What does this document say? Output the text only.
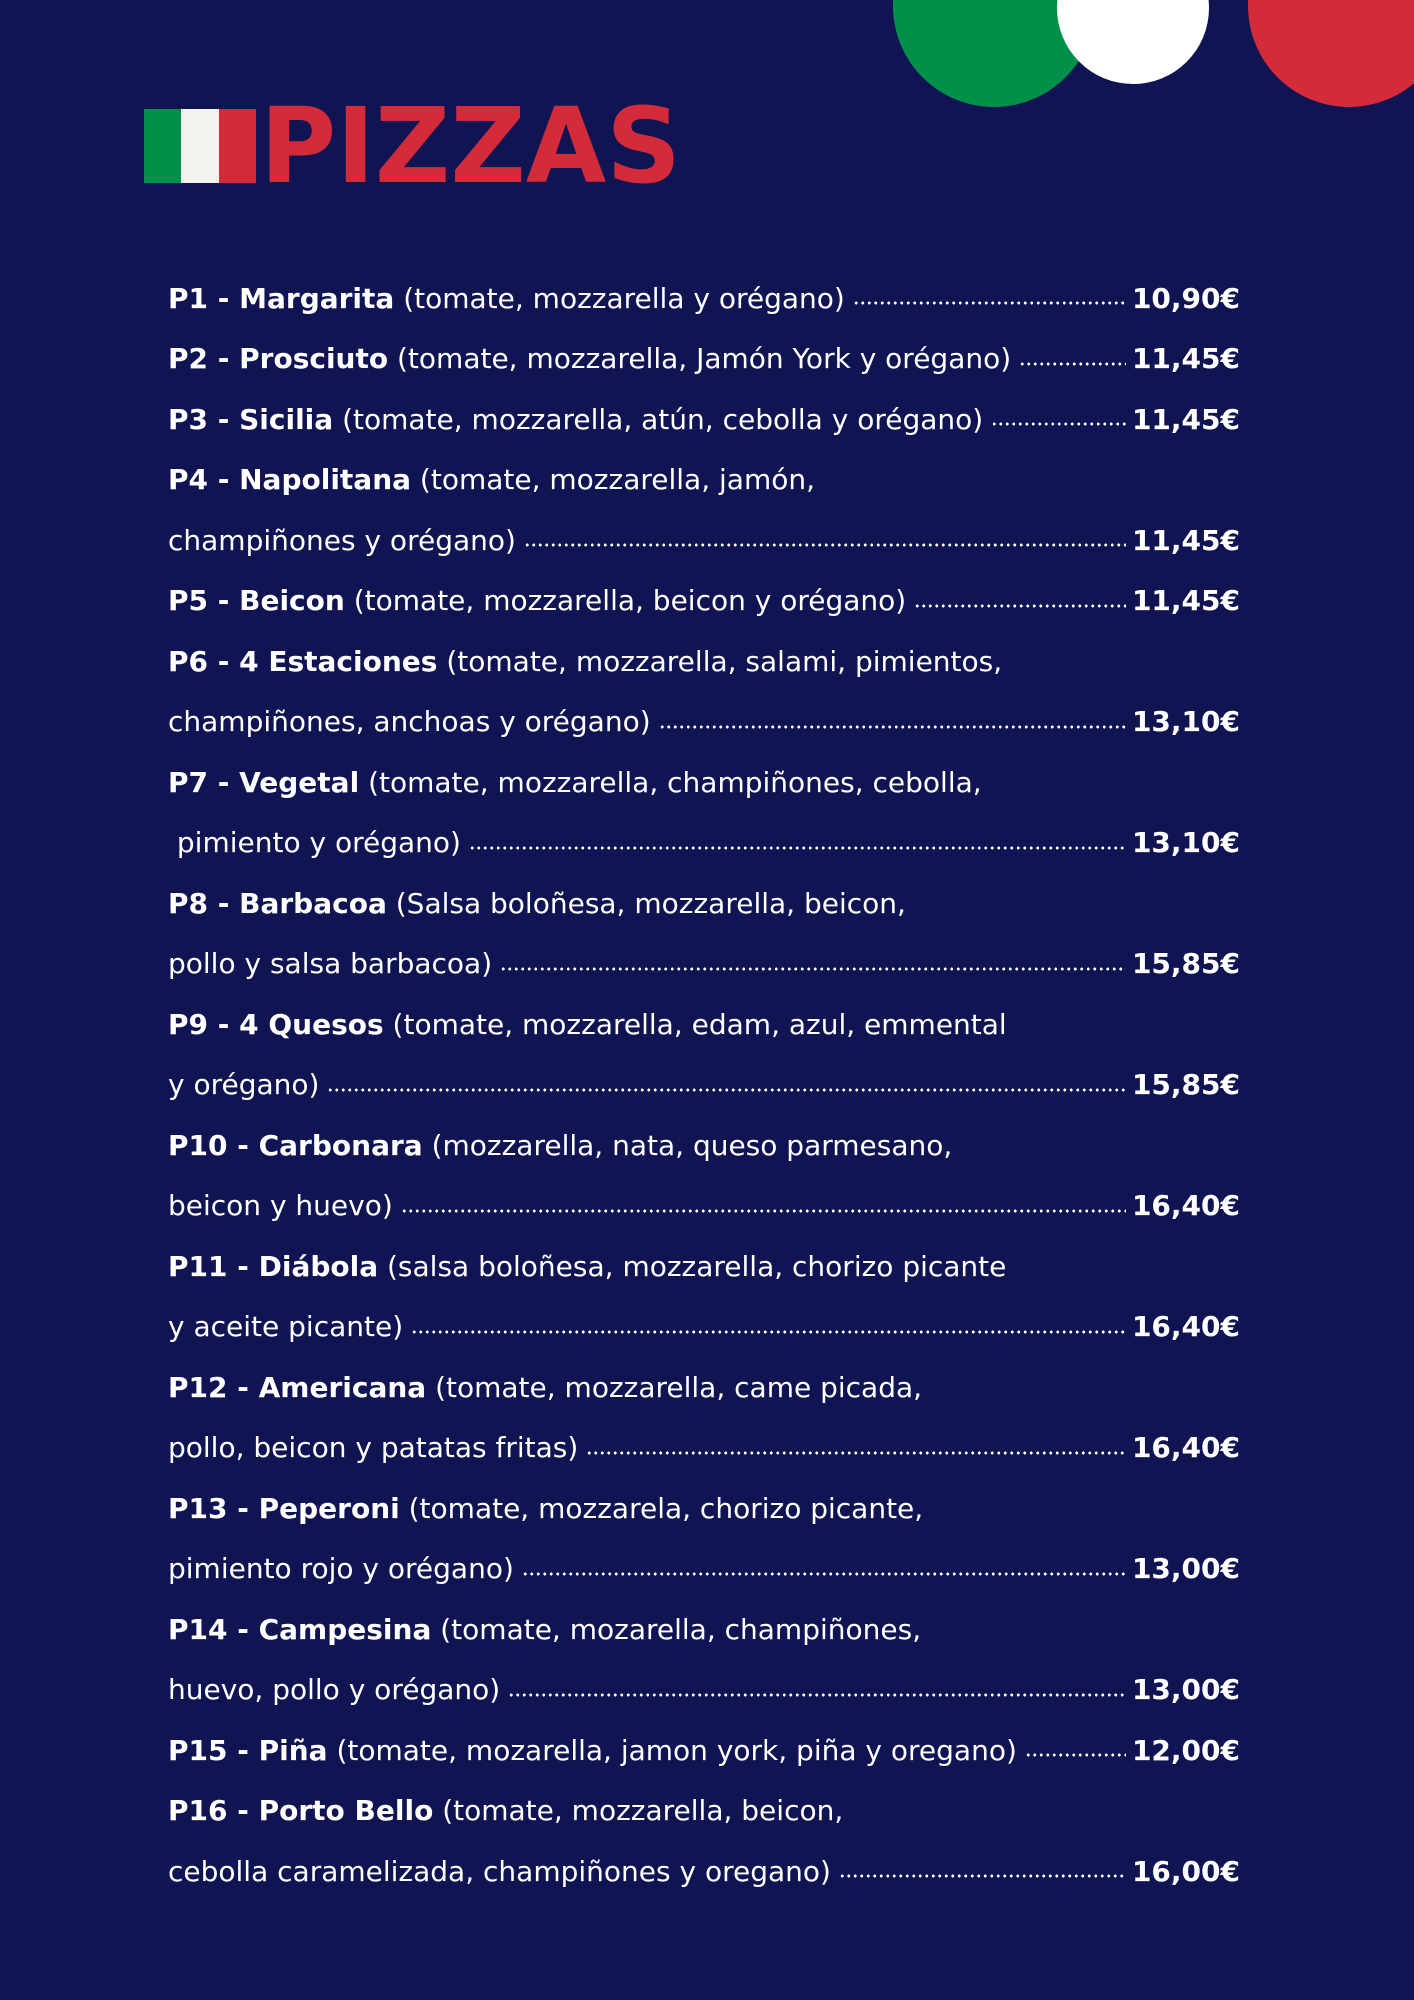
PIZZAS
P1 - Margarita (tomate, mozzarella y orégano)	10,90€
P2 - Prosciuto (tomate, mozzarella, Jamón York y orégano)	11,45€
P3 - Sicilia (tomate, mozzarella, atún, cebolla y orégano)	11,45€
P4 - Napolitana (tomate, mozzarella, jamón,
champiñones y orégano)	11,45€
P5 - Beicon (tomate, mozzarella, beicon y orégano)	11,45€
P6 - 4 Estaciones (tomate, mozzarella, salami, pimientos,
champiñones, anchoas y orégano)	13,10€
P7 - Vegetal (tomate, mozzarella, champiñones, cebolla,
pimiento y orégano)	13,10€
P8 - Barbacoa (Salsa boloñesa, mozzarella, beicon,
pollo y salsa barbacoa)	15,85€
P9 - 4 Quesos (tomate, mozzarella, edam, azul, emmental
y orégano)	15,85€
P10 - Carbonara (mozzarella, nata, queso parmesano,
beicon y huevo)	16,40€
P11 - Diábola (salsa boloñesa, mozzarella, chorizo picante
y aceite picante)	16,40€
P12 - Americana (tomate, mozzarella, came picada,
pollo, beicon y patatas fritas)	16,40€
P13 - Peperoni (tomate, mozzarela, chorizo picante,
pimiento rojo y orégano)	13,00€
P14 - Campesina (tomate, mozarella, champiñones,
huevo, pollo y orégano)	13,00€
P15 - Piña (tomate, mozarella, jamon york, piña y oregano)	12,00€
P16 - Porto Bello (tomate, mozzarella, beicon,
cebolla caramelizada, champiñones y oregano)	16,00€
